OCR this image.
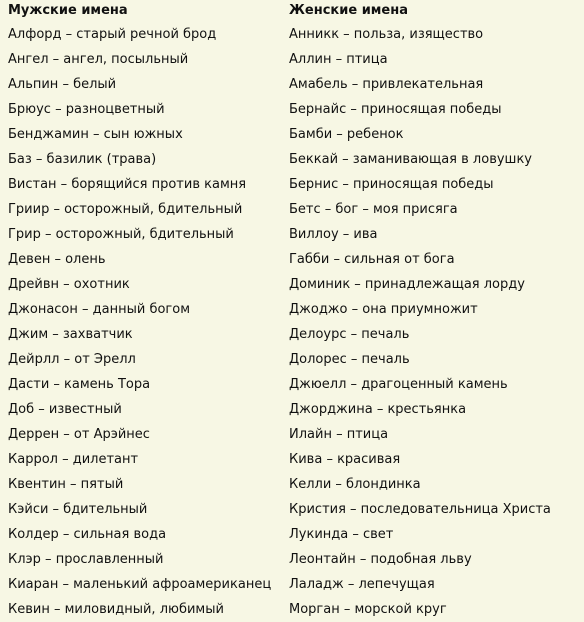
Мужские имена
Алфорд – старый речной брод
Ангел – ангел, посыльный
Альпин – белый
Брюус – разноцветный
Бенджамин – сын южных
Баз – базилик (трава)
Вистан – борящийся против камня
Гриир – осторожный, бдительный
Грир – осторожный, бдительный
Девен – олень
Дрейвн – охотник
Джонасон – данный богом
Джим – захватчик
Дейрлл – от Эрелл
Дасти – камень Тора
Доб – известный
Деррен – от Арэйнес
Каррол – дилетант
Квентин – пятый
Кэйси – бдительный
Колдер – сильная вода
Клэр – прославленный
Киаран – маленький афроамериканец
Кевин – миловидный, любимый
Женские имена
Анникк – польза, изящество
Аллин – птица
Амабель – привлекательная
Бернайс – приносящая победы
Бамби – ребенок
Беккай – заманивающая в ловушку
Бернис – приносящая победы
Бетс – бог – моя присяга
Виллоу – ива
Габби – сильная от бога
Доминик – принадлежащая лорду
Джоджо – она приумножит
Делоурс – печаль
Долорес – печаль
Джюелл – драгоценный камень
Джорджина – крестьянка
Илайн – птица
Кива – красивая
Келли – блондинка
Кристия – последовательница Христа
Лукинда – свет
Леонтайн – подобная льву
Лаладж – лепечущая
Морган – морской круг
